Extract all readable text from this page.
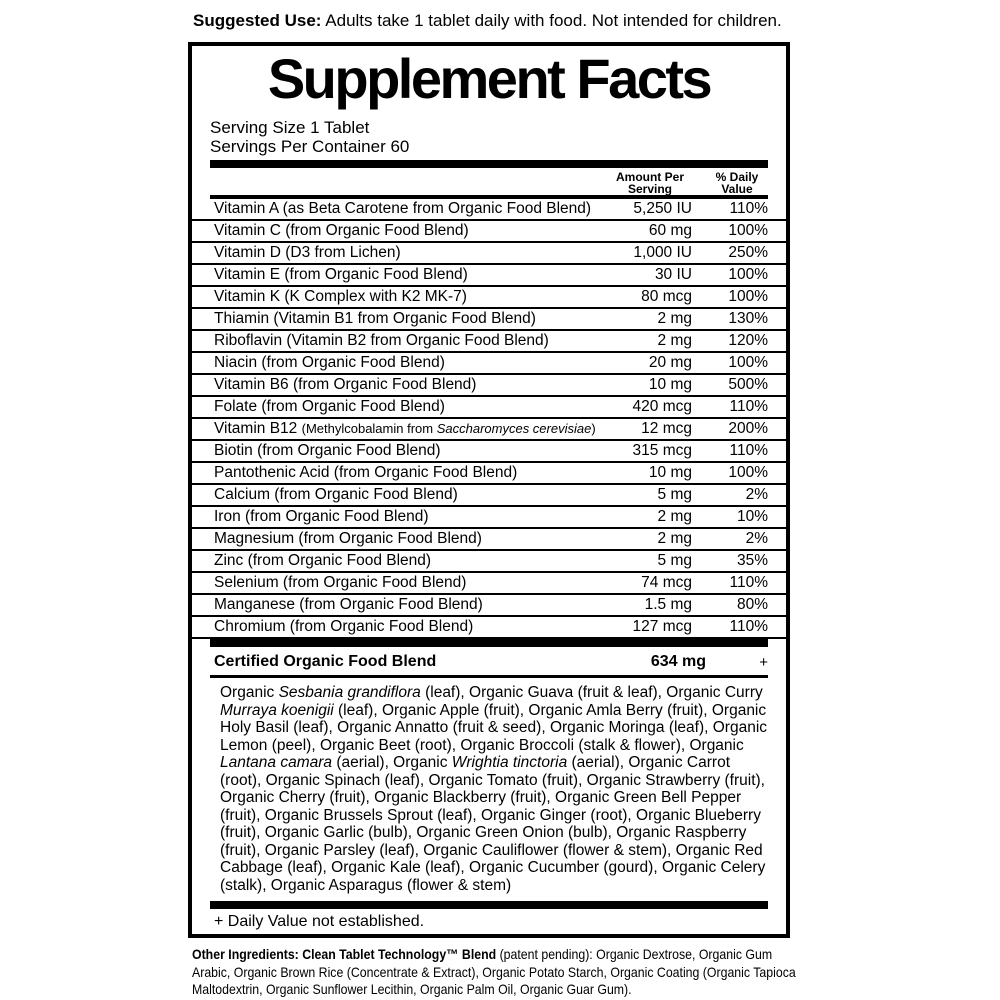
Suggested Use: Adults take 1 tablet daily with food. Not intended for children.

Supplement Facts
Serving Size 1 Tablet
Servings Per Container 60
Amount Per
Serving
% Daily
Value
Vitamin A (as Beta Carotene from Organic Food Blend)	5,250 IU	110%
Vitamin C (from Organic Food Blend)	60 mg	100%
Vitamin D (D3 from Lichen)	1,000 IU	250%
Vitamin E (from Organic Food Blend)	30 IU	100%
Vitamin K (K Complex with K2 MK-7)	80 mcg	100%
Thiamin (Vitamin B1 from Organic Food Blend)	2 mg	130%
Riboflavin (Vitamin B2 from Organic Food Blend)	2 mg	120%
Niacin (from Organic Food Blend)	20 mg	100%
Vitamin B6 (from Organic Food Blend)	10 mg	500%
Folate (from Organic Food Blend)	420 mcg	110%
Vitamin B12 (Methylcobalamin from Saccharomyces cerevisiae)	12 mcg	200%
Biotin (from Organic Food Blend)	315 mcg	110%
Pantothenic Acid (from Organic Food Blend)	10 mg	100%
Calcium (from Organic Food Blend)	5 mg	2%
Iron (from Organic Food Blend)	2 mg	10%
Magnesium (from Organic Food Blend)	2 mg	2%
Zinc (from Organic Food Blend)	5 mg	35%
Selenium (from Organic Food Blend)	74 mcg	110%
Manganese (from Organic Food Blend)	1.5 mg	80%
Chromium (from Organic Food Blend)	127 mcg	110%
Certified Organic Food Blend	634 mg	+
Organic Sesbania grandiflora (leaf), Organic Guava (fruit & leaf), Organic Curry Murraya koenigii (leaf), Organic Apple (fruit), Organic Amla Berry (fruit), Organic Holy Basil (leaf), Organic Annatto (fruit & seed), Organic Moringa (leaf), Organic Lemon (peel), Organic Beet (root), Organic Broccoli (stalk & flower), Organic Lantana camara (aerial), Organic Wrightia tinctoria (aerial), Organic Carrot (root), Organic Spinach (leaf), Organic Tomato (fruit), Organic Strawberry (fruit), Organic Cherry (fruit), Organic Blackberry (fruit), Organic Green Bell Pepper (fruit), Organic Brussels Sprout (leaf), Organic Ginger (root), Organic Blueberry (fruit), Organic Garlic (bulb), Organic Green Onion (bulb), Organic Raspberry (fruit), Organic Parsley (leaf), Organic Cauliflower (flower & stem), Organic Red Cabbage (leaf), Organic Kale (leaf), Organic Cucumber (gourd), Organic Celery (stalk), Organic Asparagus (flower & stem)
+ Daily Value not established.

Other Ingredients: Clean Tablet Technology™ Blend (patent pending): Organic Dextrose, Organic Gum Arabic, Organic Brown Rice (Concentrate & Extract), Organic Potato Starch, Organic Coating (Organic Tapioca Maltodextrin, Organic Sunflower Lecithin, Organic Palm Oil, Organic Guar Gum).
